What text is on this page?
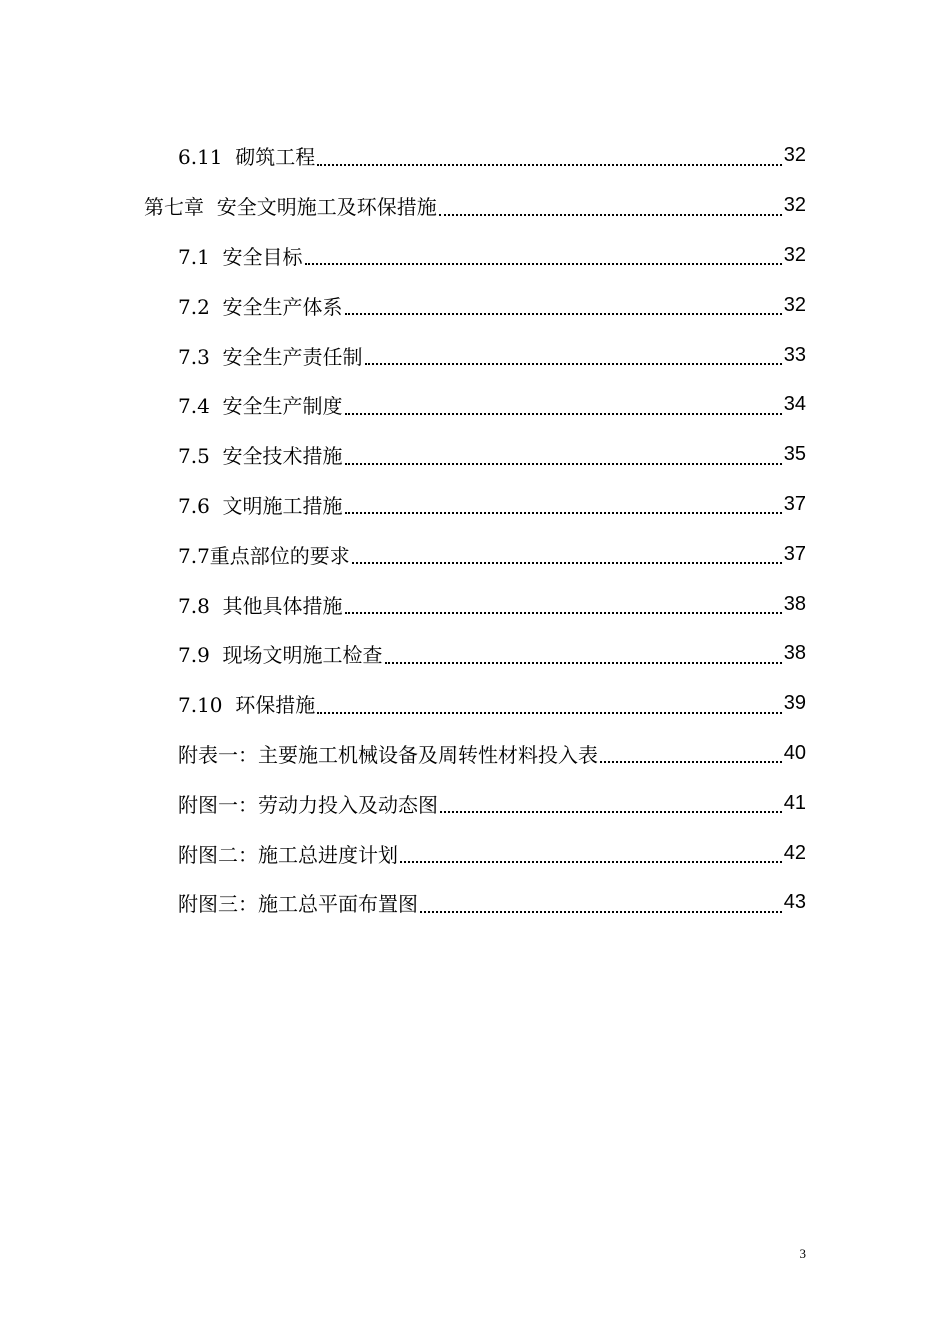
6.11  砌筑工程	32
第七章  安全文明施工及环保措施	32
7.1  安全目标	32
7.2  安全生产体系	32
7.3  安全生产责任制	33
7.4  安全生产制度	34
7.5  安全技术措施	35
7.6  文明施工措施	37
7.7重点部位的要求	37
7.8  其他具体措施	38
7.9  现场文明施工检查	38
7.10  环保措施	39
附表一：主要施工机械设备及周转性材料投入表	40
附图一：劳动力投入及动态图	41
附图二：施工总进度计划	42
附图三：施工总平面布置图	43
3
